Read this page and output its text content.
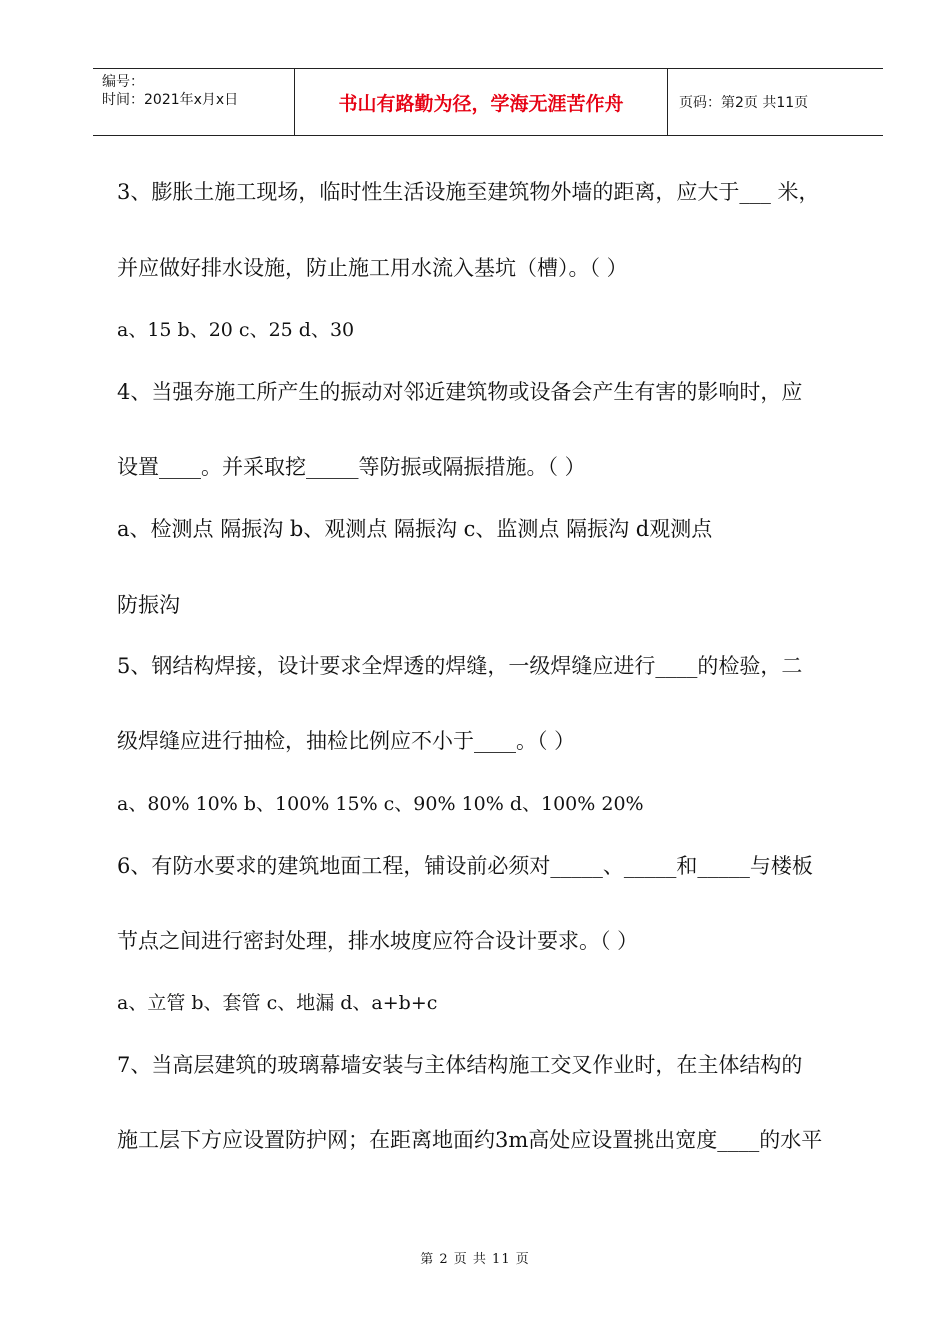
编号：
时间：2021年x月x日	书山有路勤为径，学海无涯苦作舟	页码：第2页 共11页
3、膨胀土施工现场，临时性生活设施至建筑物外墙的距离，应大于___ 米，
并应做好排水设施，防止施工用水流入基坑（槽）。（ ）
a、15 b、20 c、25 d、30
4、当强夯施工所产生的振动对邻近建筑物或设备会产生有害的影响时，应
设置____。并采取挖_____等防振或隔振措施。（ ）
a、检测点 隔振沟 b、观测点 隔振沟 c、监测点 隔振沟 d观测点
防振沟
5、钢结构焊接，设计要求全焊透的焊缝，一级焊缝应进行____的检验，二
级焊缝应进行抽检，抽检比例应不小于____。（ ）
a、80% 10% b、100% 15% c、90% 10% d、100% 20%
6、有防水要求的建筑地面工程，铺设前必须对_____、_____和_____与楼板
节点之间进行密封处理，排水坡度应符合设计要求。（ ）
a、立管 b、套管 c、地漏 d、a+b+c
7、当高层建筑的玻璃幕墙安装与主体结构施工交叉作业时，在主体结构的
施工层下方应设置防护网；在距离地面约3m高处应设置挑出宽度____的水平
第 2 页 共 11 页
